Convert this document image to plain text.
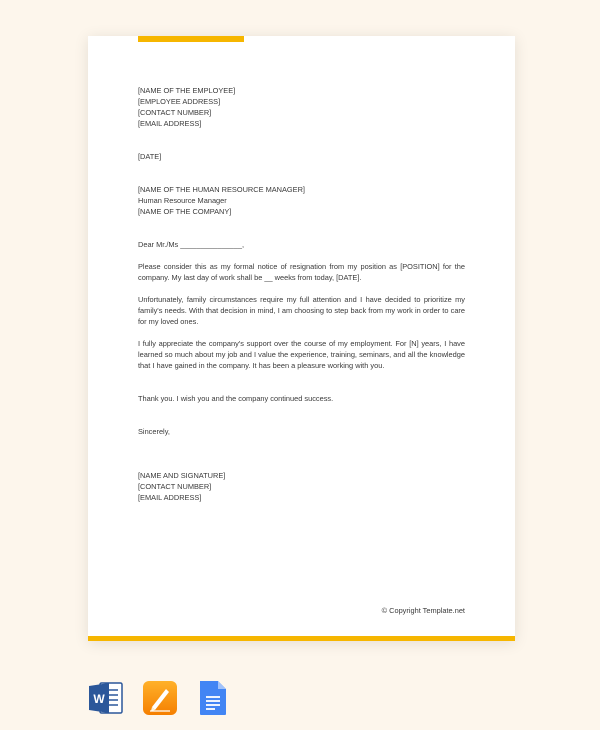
[NAME OF THE EMPLOYEE]

[EMPLOYEE ADDRESS]

[CONTACT NUMBER]

[EMAIL ADDRESS]

[DATE]

[NAME OF THE HUMAN RESOURCE MANAGER]

Human Resource Manager

[NAME OF THE COMPANY]

Dear Mr./Ms _______________,

Please consider this as my formal notice of resignation from my position as [POSITION] for the company. My last day of work shall be __ weeks from today, [DATE].

Unfortunately, family circumstances require my full attention and I have decided to prioritize my family's needs. With that decision in mind, I am choosing to step back from my work in order to care for my loved ones.

I fully appreciate the company's support over the course of my employment. For [N] years, I have learned so much about my job and I value the experience, training, seminars, and all the knowledge that I have gained in the company. It has been a pleasure working with you.

Thank you. I wish you and the company continued success.

Sincerely,

[NAME AND SIGNATURE]

[CONTACT NUMBER]

[EMAIL ADDRESS]

© Copyright Template.net
W
